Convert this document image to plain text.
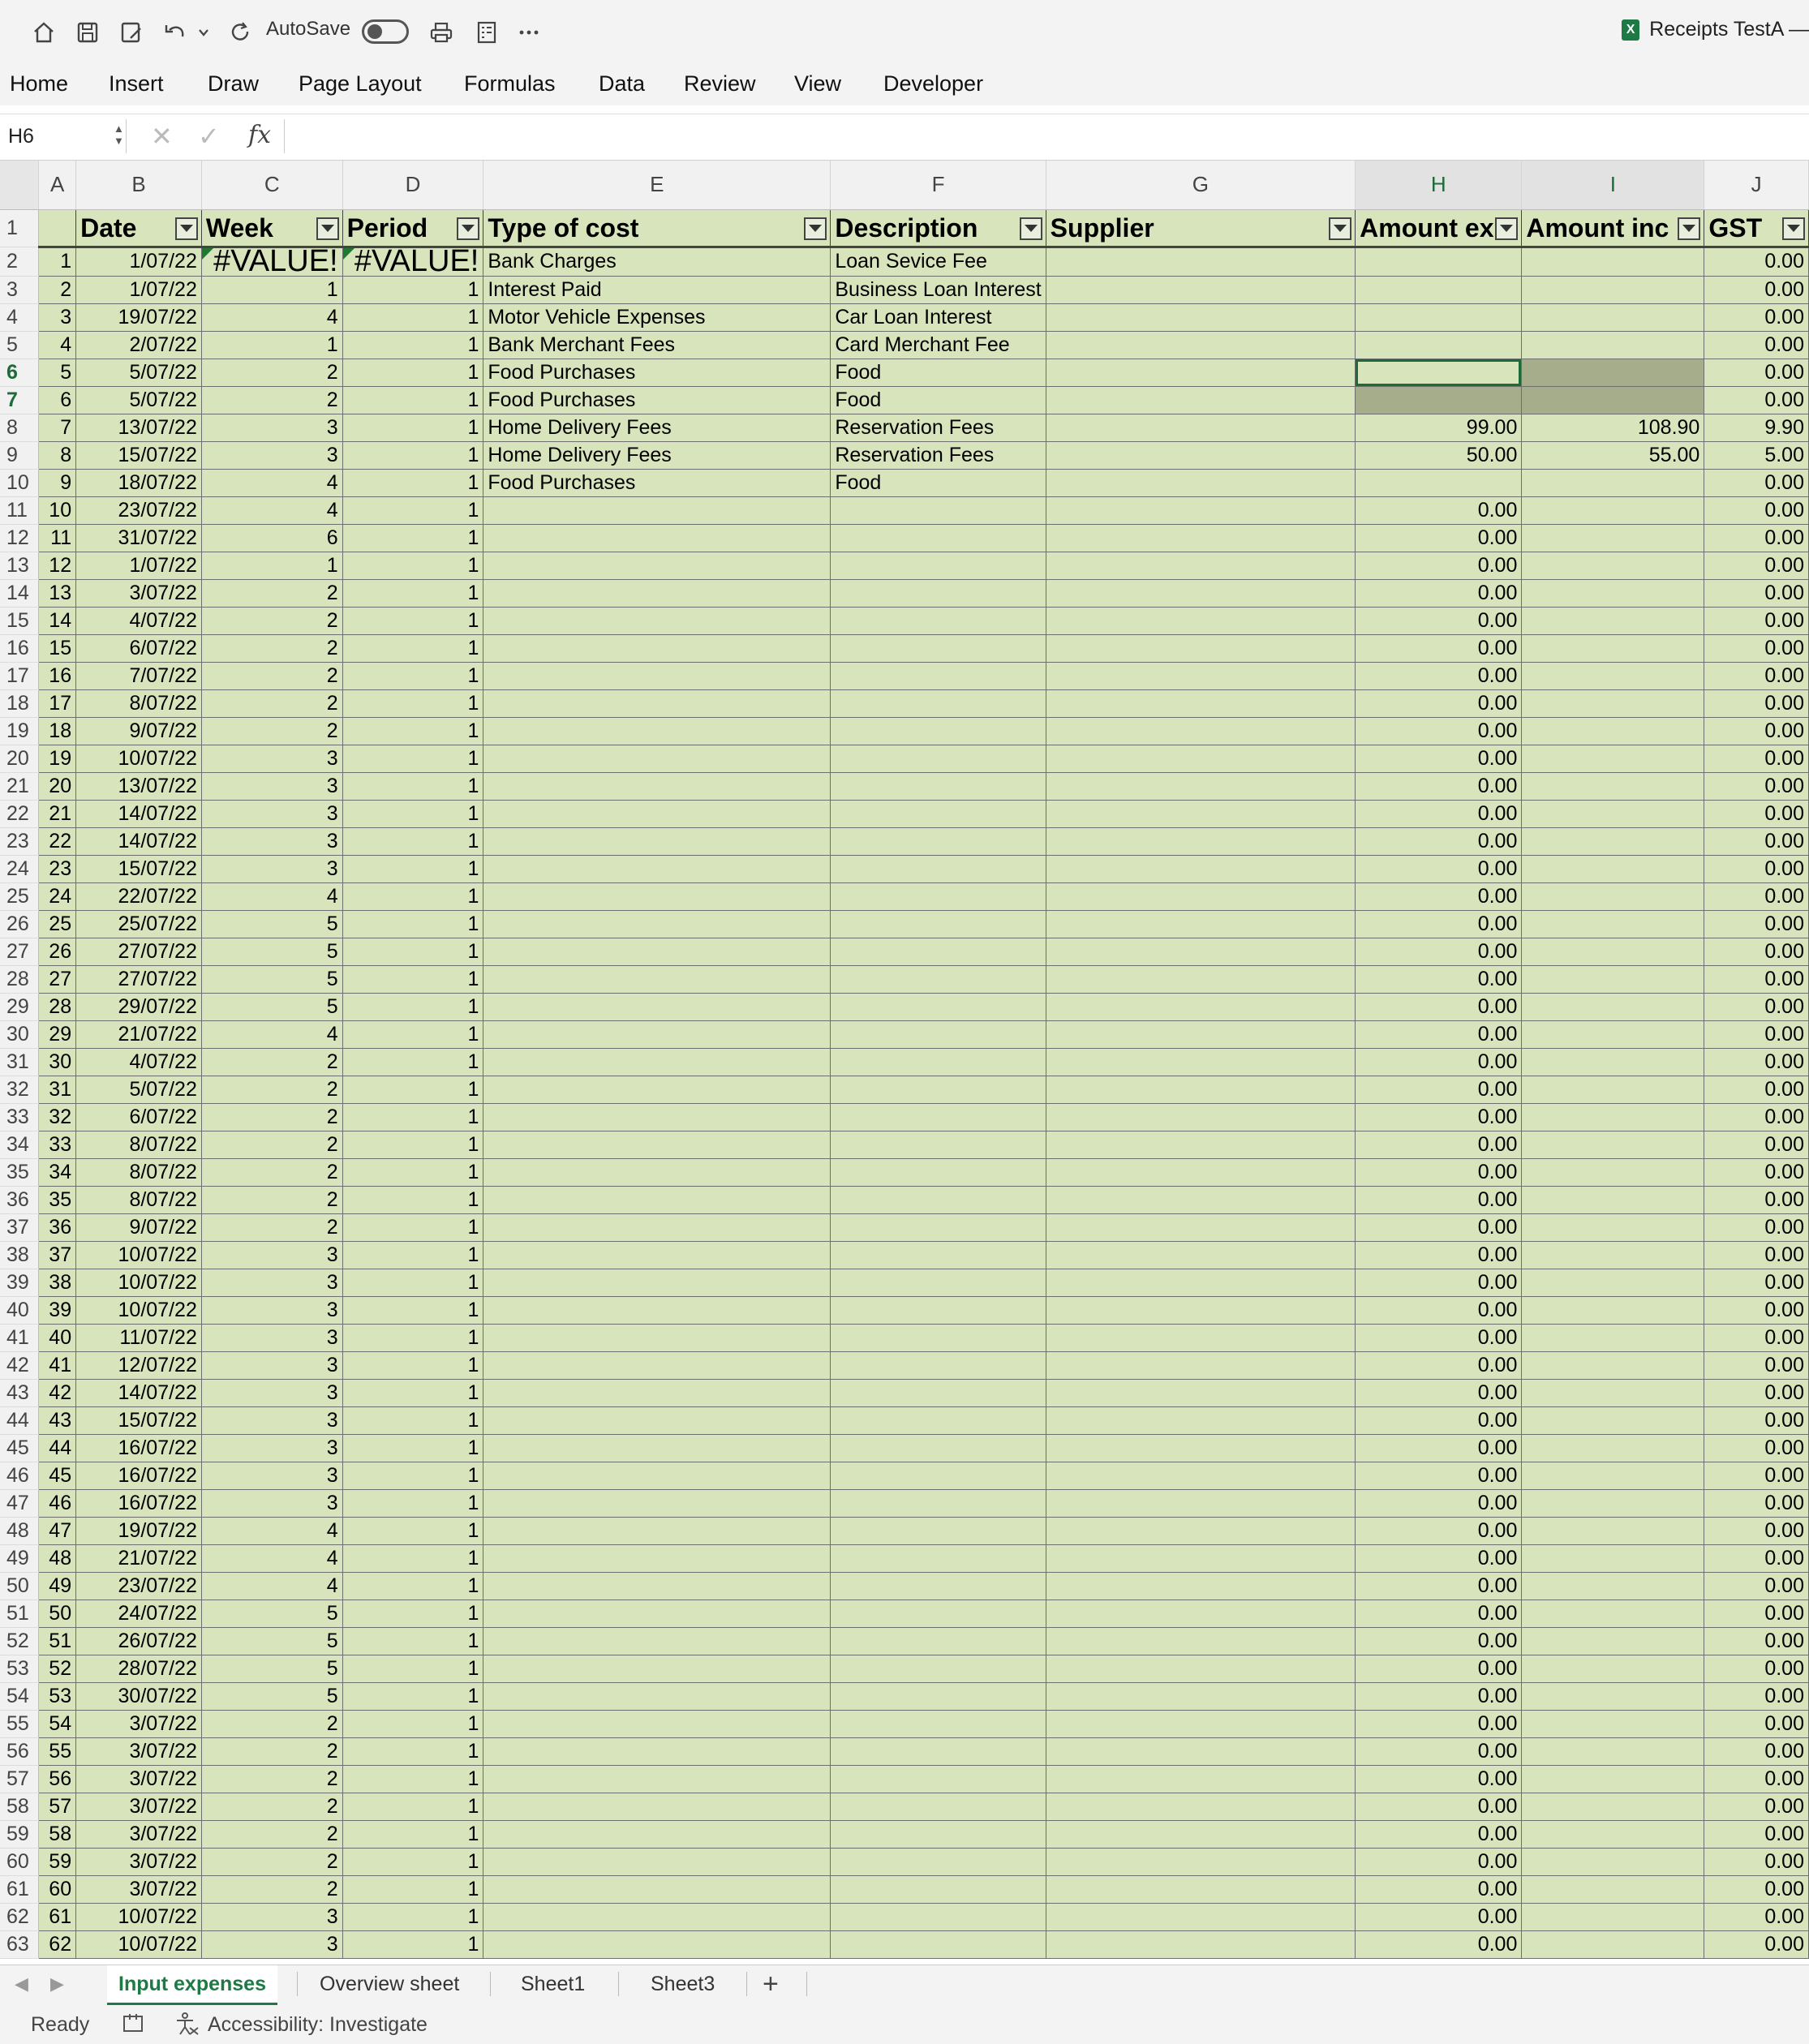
AutoSave	X Receipts TestA —
Home Insert Draw Page Layout Formulas Data Review View Developer
H6	▲
▼ ✕ ✓ fx
	A	B	C	D	E	F	G	H	I	J
1		Date	Week	Period	Type of cost	Description	Supplier	Amount ex	Amount inc	GST

2	1	1/07/22	#VALUE!	#VALUE!	Bank Charges	Loan Sevice Fee				0.00
3	2	1/07/22	1	1	Interest Paid	Business Loan Interest				0.00
4	3	19/07/22	4	1	Motor Vehicle Expenses	Car Loan Interest				0.00
5	4	2/07/22	1	1	Bank Merchant Fees	Card Merchant Fee				0.00
6	5	5/07/22	2	1	Food Purchases	Food				0.00
7	6	5/07/22	2	1	Food Purchases	Food				0.00
8	7	13/07/22	3	1	Home Delivery Fees	Reservation Fees		99.00	108.90	9.90
9	8	15/07/22	3	1	Home Delivery Fees	Reservation Fees		50.00	55.00	5.00
10	9	18/07/22	4	1	Food Purchases	Food				0.00
11	10	23/07/22	4	1				0.00		0.00
12	11	31/07/22	6	1				0.00		0.00
13	12	1/07/22	1	1				0.00		0.00
14	13	3/07/22	2	1				0.00		0.00
15	14	4/07/22	2	1				0.00		0.00
16	15	6/07/22	2	1				0.00		0.00
17	16	7/07/22	2	1				0.00		0.00
18	17	8/07/22	2	1				0.00		0.00
19	18	9/07/22	2	1				0.00		0.00
20	19	10/07/22	3	1				0.00		0.00
21	20	13/07/22	3	1				0.00		0.00
22	21	14/07/22	3	1				0.00		0.00
23	22	14/07/22	3	1				0.00		0.00
24	23	15/07/22	3	1				0.00		0.00
25	24	22/07/22	4	1				0.00		0.00
26	25	25/07/22	5	1				0.00		0.00
27	26	27/07/22	5	1				0.00		0.00
28	27	27/07/22	5	1				0.00		0.00
29	28	29/07/22	5	1				0.00		0.00
30	29	21/07/22	4	1				0.00		0.00
31	30	4/07/22	2	1				0.00		0.00
32	31	5/07/22	2	1				0.00		0.00
33	32	6/07/22	2	1				0.00		0.00
34	33	8/07/22	2	1				0.00		0.00
35	34	8/07/22	2	1				0.00		0.00
36	35	8/07/22	2	1				0.00		0.00
37	36	9/07/22	2	1				0.00		0.00
38	37	10/07/22	3	1				0.00		0.00
39	38	10/07/22	3	1				0.00		0.00
40	39	10/07/22	3	1				0.00		0.00
41	40	11/07/22	3	1				0.00		0.00
42	41	12/07/22	3	1				0.00		0.00
43	42	14/07/22	3	1				0.00		0.00
44	43	15/07/22	3	1				0.00		0.00
45	44	16/07/22	3	1				0.00		0.00
46	45	16/07/22	3	1				0.00		0.00
47	46	16/07/22	3	1				0.00		0.00
48	47	19/07/22	4	1				0.00		0.00
49	48	21/07/22	4	1				0.00		0.00
50	49	23/07/22	4	1				0.00		0.00
51	50	24/07/22	5	1				0.00		0.00
52	51	26/07/22	5	1				0.00		0.00
53	52	28/07/22	5	1				0.00		0.00
54	53	30/07/22	5	1				0.00		0.00
55	54	3/07/22	2	1				0.00		0.00
56	55	3/07/22	2	1				0.00		0.00
57	56	3/07/22	2	1				0.00		0.00
58	57	3/07/22	2	1				0.00		0.00
59	58	3/07/22	2	1				0.00		0.00
60	59	3/07/22	2	1				0.00		0.00
61	60	3/07/22	2	1				0.00		0.00
62	61	10/07/22	3	1				0.00		0.00
63	62	10/07/22	3	1				0.00		0.00
◀ ▶	Input expenses	Overview sheet	Sheet1	Sheet3	+
Ready	Accessibility: Investigate
